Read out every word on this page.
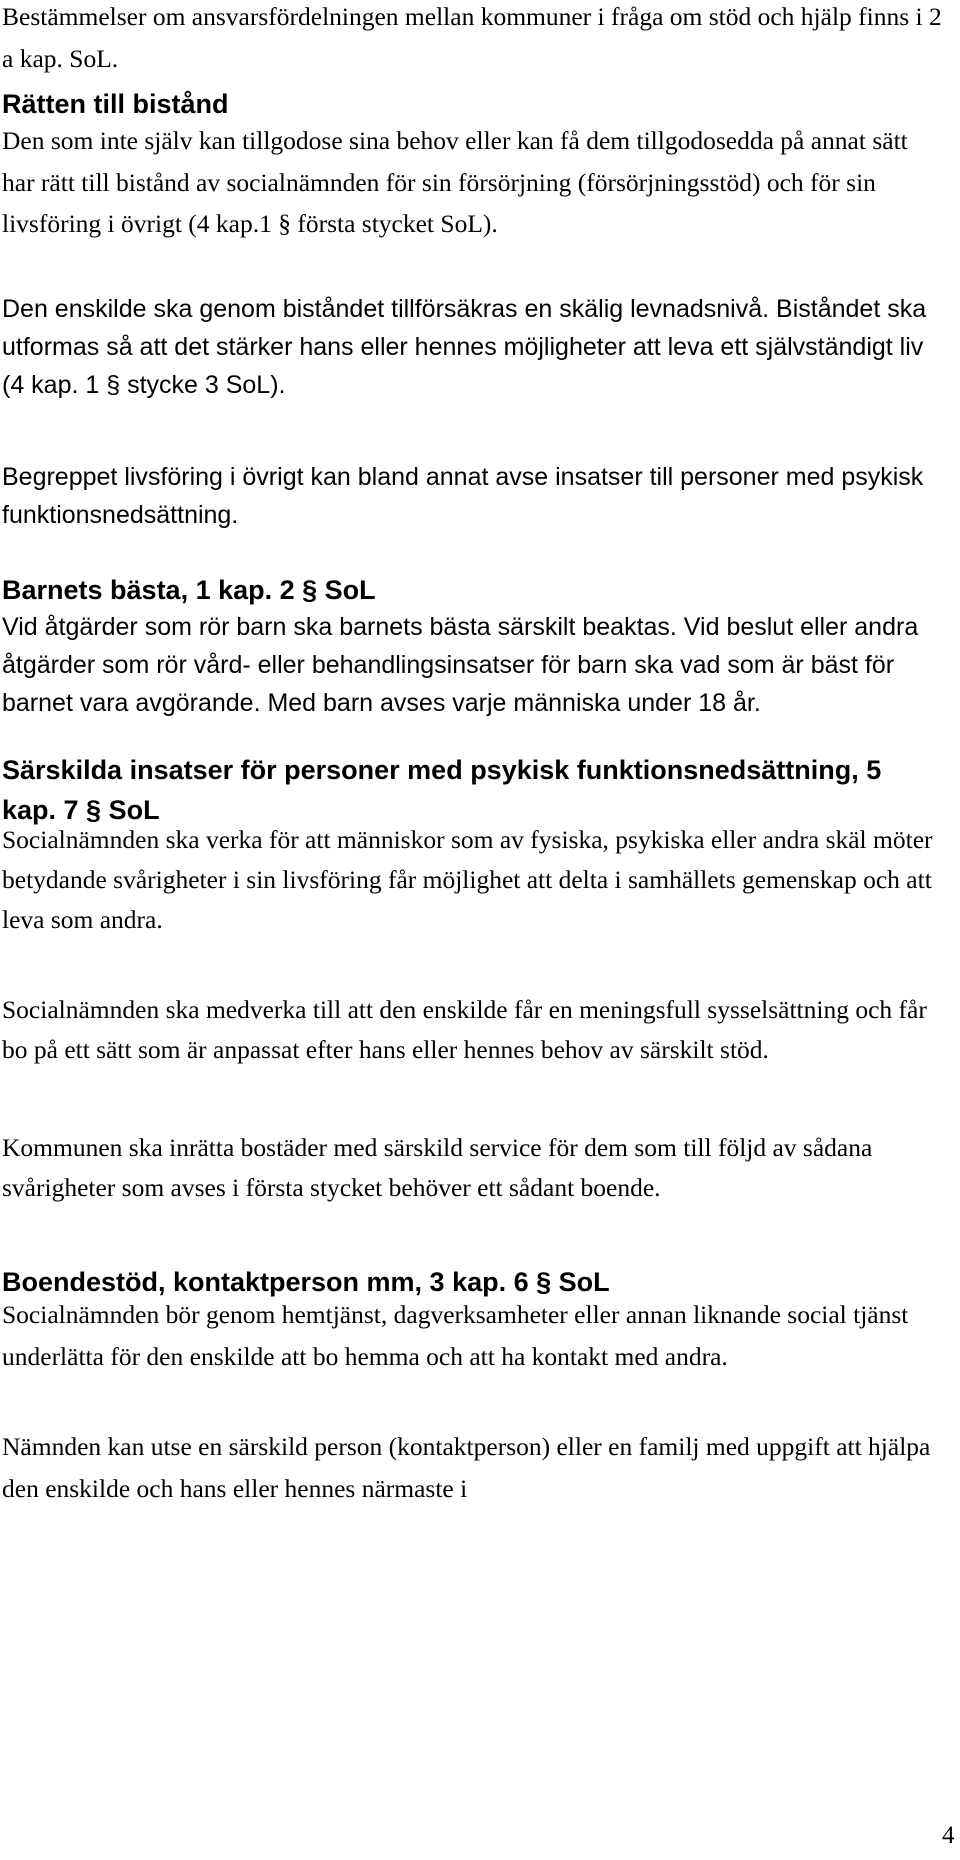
Bestämmelser om ansvarsfördelningen mellan kommuner i fråga om stöd och hjälp finns i 2 a kap. SoL.

Rätten till bistånd

Den som inte själv kan tillgodose sina behov eller kan få dem tillgodosedda på annat sätt har rätt till bistånd av socialnämnden för sin försörjning (försörjningsstöd) och för sin livsföring i övrigt (4 kap.1 § första stycket SoL).

Den enskilde ska genom biståndet tillförsäkras en skälig levnadsnivå. Biståndet ska utformas så att det stärker hans eller hennes möjligheter att leva ett självständigt liv (4 kap. 1 § stycke 3 SoL).

Begreppet livsföring i övrigt kan bland annat avse insatser till personer med psykisk funktionsnedsättning.

Barnets bästa, 1 kap. 2 § SoL

Vid åtgärder som rör barn ska barnets bästa särskilt beaktas. Vid beslut eller andra åtgärder som rör vård- eller behandlingsinsatser för barn ska vad som är bäst för barnet vara avgörande. Med barn avses varje människa under 18 år.

Särskilda insatser för personer med psykisk funktionsnedsättning, 5 kap. 7 § SoL

Socialnämnden ska verka för att människor som av fysiska, psykiska eller andra skäl möter betydande svårigheter i sin livsföring får möjlighet att delta i samhällets gemenskap och att leva som andra.

Socialnämnden ska medverka till att den enskilde får en meningsfull sysselsättning och får bo på ett sätt som är anpassat efter hans eller hennes behov av särskilt stöd.

Kommunen ska inrätta bostäder med särskild service för dem som till följd av sådana svårigheter som avses i första stycket behöver ett sådant boende.

Boendestöd, kontaktperson mm, 3 kap. 6 § SoL

Socialnämnden bör genom hemtjänst, dagverksamheter eller annan liknande social tjänst underlätta för den enskilde att bo hemma och att ha kontakt med andra.

Nämnden kan utse en särskild person (kontaktperson) eller en familj med uppgift att hjälpa den enskilde och hans eller hennes närmaste i

4
